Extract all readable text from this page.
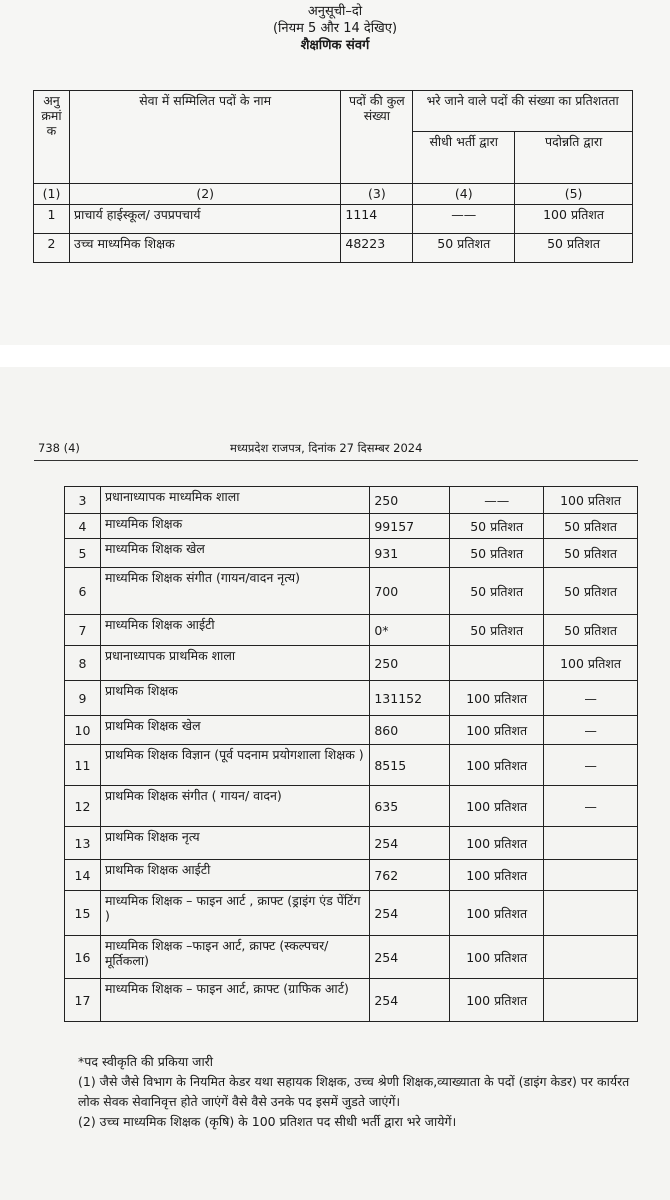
अनुसूची–दो
(नियम 5 और 14 देखिए)
शैक्षणिक संवर्ग
अनु क्रमां क	सेवा में सम्मिलित पदों के नाम	पदों की कुल संख्या	भरे जाने वाले पदों की संख्या का प्रतिशतता	
			सीधी भर्ती द्वारा	पदोन्नति द्वारा
(1)	(2)	(3)	(4)	(5)
1	प्राचार्य हाईस्कूल/ उपप्रपचार्य	1114	——	100 प्रतिशत
2	उच्च माध्यमिक शिक्षक	48223	50 प्रतिशत	50 प्रतिशत
738 (4)	मध्यप्रदेश राजपत्र, दिनांक 27 दिसम्बर 2024
3	प्रधानाध्यापक माध्यमिक शाला	250	——	100 प्रतिशत
4	माध्यमिक शिक्षक	99157	50 प्रतिशत	50 प्रतिशत
5	माध्यमिक शिक्षक खेल	931	50 प्रतिशत	50 प्रतिशत
6	माध्यमिक शिक्षक संगीत (गायन/वादन नृत्य)	700	50 प्रतिशत	50 प्रतिशत
7	माध्यमिक शिक्षक आईटी	0*	50 प्रतिशत	50 प्रतिशत
8	प्रधानाध्यापक प्राथमिक शाला	250		100 प्रतिशत
9	प्राथमिक शिक्षक	131152	100 प्रतिशत	—
10	प्राथमिक शिक्षक खेल	860	100 प्रतिशत	—
11	प्राथमिक शिक्षक विज्ञान (पूर्व पदनाम प्रयोगशाला शिक्षक )	8515	100 प्रतिशत	—
12	प्राथमिक शिक्षक संगीत ( गायन/ वादन)	635	100 प्रतिशत	—
13	प्राथमिक शिक्षक नृत्य	254	100 प्रतिशत	
14	प्राथमिक शिक्षक आईटी	762	100 प्रतिशत	
15	माध्यमिक शिक्षक – फाइन आर्ट , क्राफ्ट (ड्राइंग एंड पेंटिंग )	254	100 प्रतिशत	
16	माध्यमिक शिक्षक –फाइन आर्ट, क्राफ्ट (स्कल्पचर/ मूर्तिकला)	254	100 प्रतिशत	
17	माध्यमिक शिक्षक – फाइन आर्ट, क्राफ्ट (ग्राफिक आर्ट)	254	100 प्रतिशत	

*पद स्वीकृति की प्रकिया जारी

(1) जैसे जैसे विभाग के नियमित केडर यथा सहायक शिक्षक, उच्च श्रेणी शिक्षक,व्याख्याता के पदों (डाइंग केडर) पर कार्यरत लोक सेवक सेवानिवृत्त होते जाएंगें वैसे वैसे उनके पद इसमें जुडते जाएंगें।

(2) उच्च माध्यमिक शिक्षक (कृषि) के 100 प्रतिशत पद सीधी भर्ती द्वारा भरे जायेगें।
